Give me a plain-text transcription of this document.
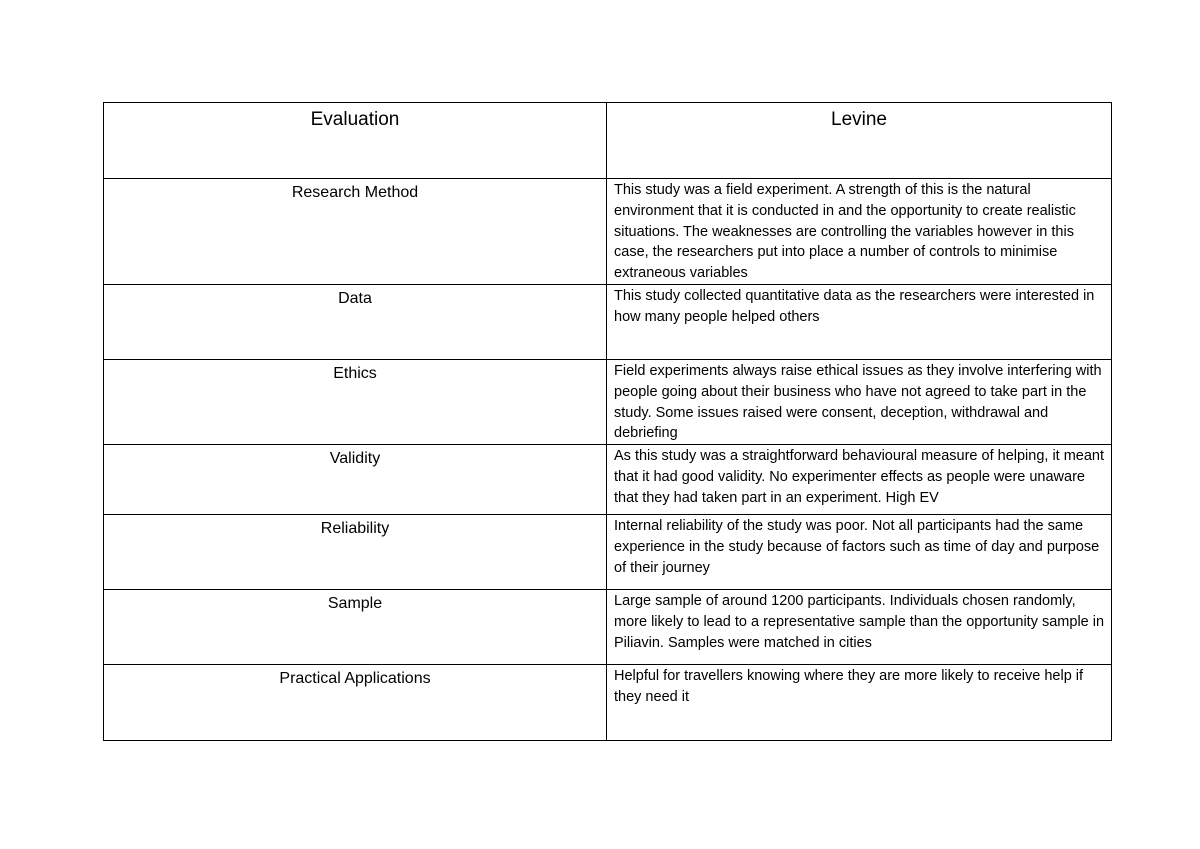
Evaluation	Levine

Research Method	This study was a field experiment. A strength of this is the natural environment that it is conducted in and the opportunity to create realistic situations. The weaknesses are controlling the variables however in this case, the researchers put into place a number of controls to minimise extraneous variables

Data	This study collected quantitative data as the researchers were interested in how many people helped others

Ethics	Field experiments always raise ethical issues as they involve interfering with people going about their business who have not agreed to take part in the study. Some issues raised were consent, deception, withdrawal and debriefing

Validity	As this study was a straightforward behavioural measure of helping, it meant that it had good validity. No experimenter effects as people were unaware that they had taken part in an experiment. High EV

Reliability	Internal reliability of the study was poor. Not all participants had the same experience in the study because of factors such as time of day and purpose of their journey

Sample	Large sample of around 1200 participants. Individuals chosen randomly, more likely to lead to a representative sample than the opportunity sample in Piliavin. Samples were matched in cities

Practical Applications	Helpful for travellers knowing where they are more likely to receive help if they need it
